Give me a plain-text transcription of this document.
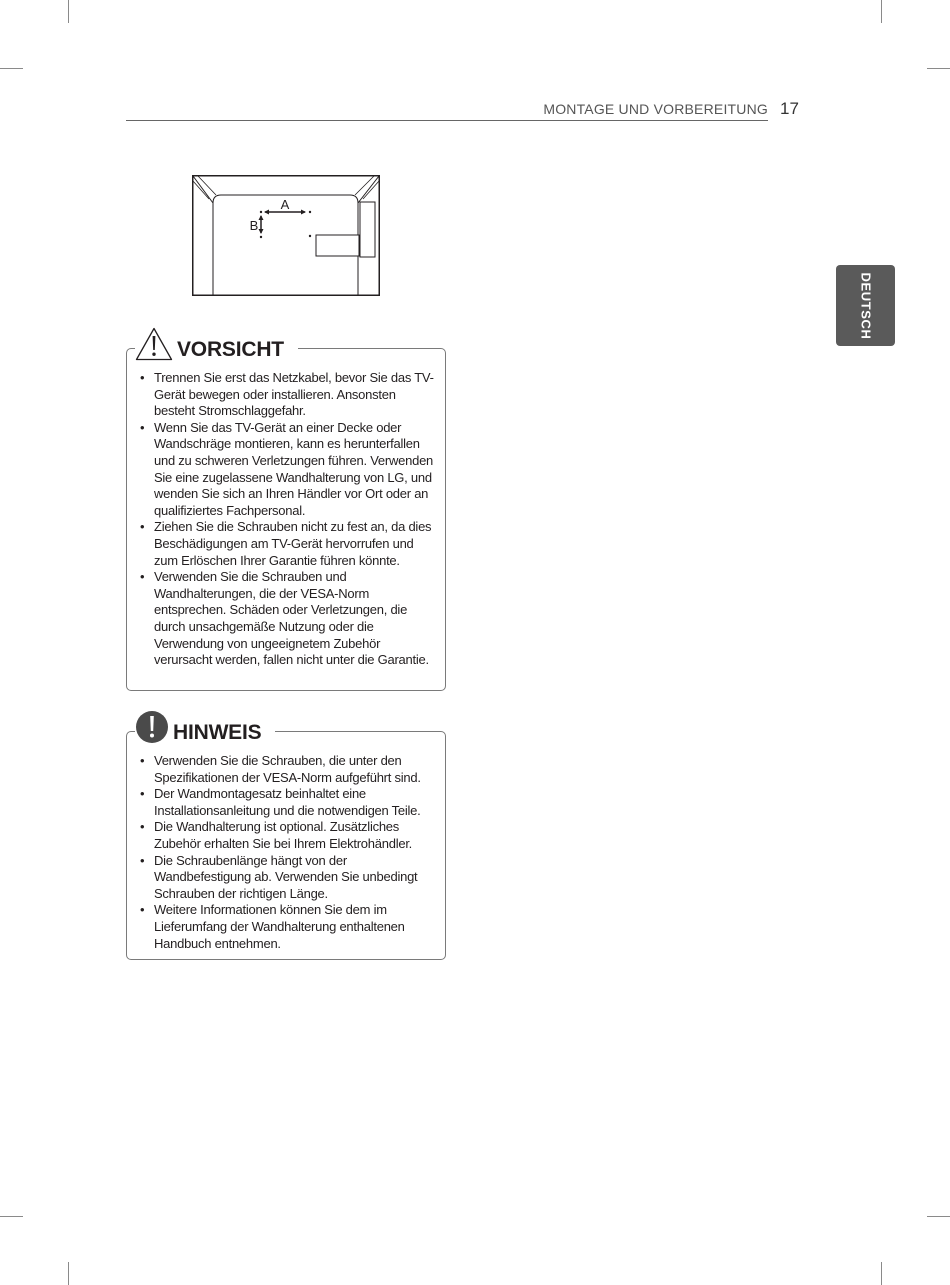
MONTAGE UND VORBEREITUNG 17
DEUTSCH
A
B
VORSICHT
• Trennen Sie erst das Netzkabel, bevor Sie das TV-Gerät bewegen oder installieren. Ansonsten besteht Stromschlaggefahr.
• Wenn Sie das TV-Gerät an einer Decke oder Wandschräge montieren, kann es herunterfallen und zu schweren Verletzungen führen. Verwenden Sie eine zugelassene Wandhalterung von LG, und wenden Sie sich an Ihren Händler vor Ort oder an qualifiziertes Fachpersonal.
• Ziehen Sie die Schrauben nicht zu fest an, da dies Beschädigungen am TV-Gerät hervorrufen und zum Erlöschen Ihrer Garantie führen könnte.
• Verwenden Sie die Schrauben und Wandhalterungen, die der VESA-Norm entsprechen. Schäden oder Verletzungen, die durch unsachgemäße Nutzung oder die Verwendung von ungeeignetem Zubehör verursacht werden, fallen nicht unter die Garantie.
HINWEIS
• Verwenden Sie die Schrauben, die unter den Spezifikationen der VESA-Norm aufgeführt sind.
• Der Wandmontagesatz beinhaltet eine Installationsanleitung und die notwendigen Teile.
• Die Wandhalterung ist optional. Zusätzliches Zubehör erhalten Sie bei Ihrem Elektrohändler.
• Die Schraubenlänge hängt von der Wandbefestigung ab. Verwenden Sie unbedingt Schrauben der richtigen Länge.
• Weitere Informationen können Sie dem im Lieferumfang der Wandhalterung enthaltenen Handbuch entnehmen.
